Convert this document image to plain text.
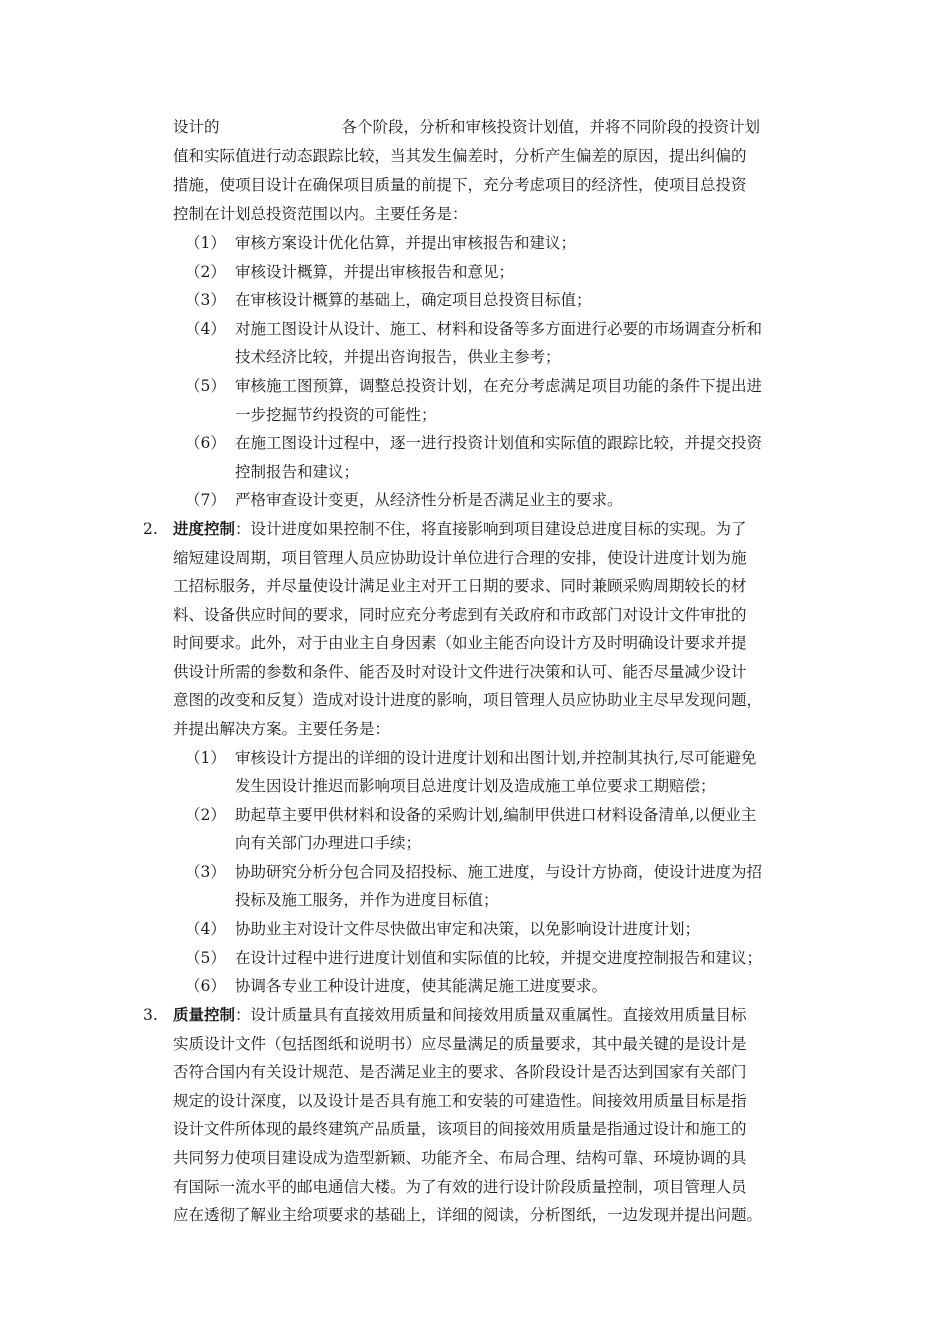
设计的	各个阶段，分析和审核投资计划值，并将不同阶段的投资计划
值和实际值进行动态跟踪比较，当其发生偏差时，分析产生偏差的原因，提出纠偏的
措施，使项目设计在确保项目质量的前提下，充分考虑项目的经济性，使项目总投资
控制在计划总投资范围以内。主要任务是：
（1） 审核方案设计优化估算，并提出审核报告和建议；
（2） 审核设计概算，并提出审核报告和意见；
（3） 在审核设计概算的基础上，确定项目总投资目标值；
（4） 对施工图设计从设计、施工、材料和设备等多方面进行必要的市场调查分析和
技术经济比较，并提出咨询报告，供业主参考；
（5） 审核施工图预算，调整总投资计划，在充分考虑满足项目功能的条件下提出进
一步挖掘节约投资的可能性；
（6） 在施工图设计过程中，逐一进行投资计划值和实际值的跟踪比较，并提交投资
控制报告和建议；
（7） 严格审查设计变更，从经济性分析是否满足业主的要求。
2. 进度控制：设计进度如果控制不住，将直接影响到项目建设总进度目标的实现。为了
缩短建设周期，项目管理人员应协助设计单位进行合理的安排，使设计进度计划为施
工招标服务，并尽量使设计满足业主对开工日期的要求、同时兼顾采购周期较长的材
料、设备供应时间的要求，同时应充分考虑到有关政府和市政部门对设计文件审批的
时间要求。此外，对于由业主自身因素（如业主能否向设计方及时明确设计要求并提
供设计所需的参数和条件、能否及时对设计文件进行决策和认可、能否尽量减少设计
意图的改变和反复）造成对设计进度的影响，项目管理人员应协助业主尽早发现问题，
并提出解决方案。主要任务是：
（1） 审核设计方提出的详细的设计进度计划和出图计划,并控制其执行,尽可能避免
发生因设计推迟而影响项目总进度计划及造成施工单位要求工期赔偿；
（2） 助起草主要甲供材料和设备的采购计划,编制甲供进口材料设备清单,以便业主
向有关部门办理进口手续；
（3） 协助研究分析分包合同及招投标、施工进度，与设计方协商，使设计进度为招
投标及施工服务，并作为进度目标值；
（4） 协助业主对设计文件尽快做出审定和决策，以免影响设计进度计划；
（5） 在设计过程中进行进度计划值和实际值的比较，并提交进度控制报告和建议；
（6） 协调各专业工种设计进度，使其能满足施工进度要求。
3. 质量控制：设计质量具有直接效用质量和间接效用质量双重属性。直接效用质量目标
实质设计文件（包括图纸和说明书）应尽量满足的质量要求，其中最关键的是设计是
否符合国内有关设计规范、是否满足业主的要求、各阶段设计是否达到国家有关部门
规定的设计深度，以及设计是否具有施工和安装的可建造性。间接效用质量目标是指
设计文件所体现的最终建筑产品质量，该项目的间接效用质量是指通过设计和施工的
共同努力使项目建设成为造型新颖、功能齐全、布局合理、结构可靠、环境协调的具
有国际一流水平的邮电通信大楼。为了有效的进行设计阶段质量控制，项目管理人员
应在透彻了解业主给项要求的基础上，详细的阅读，分析图纸，一边发现并提出问题。
